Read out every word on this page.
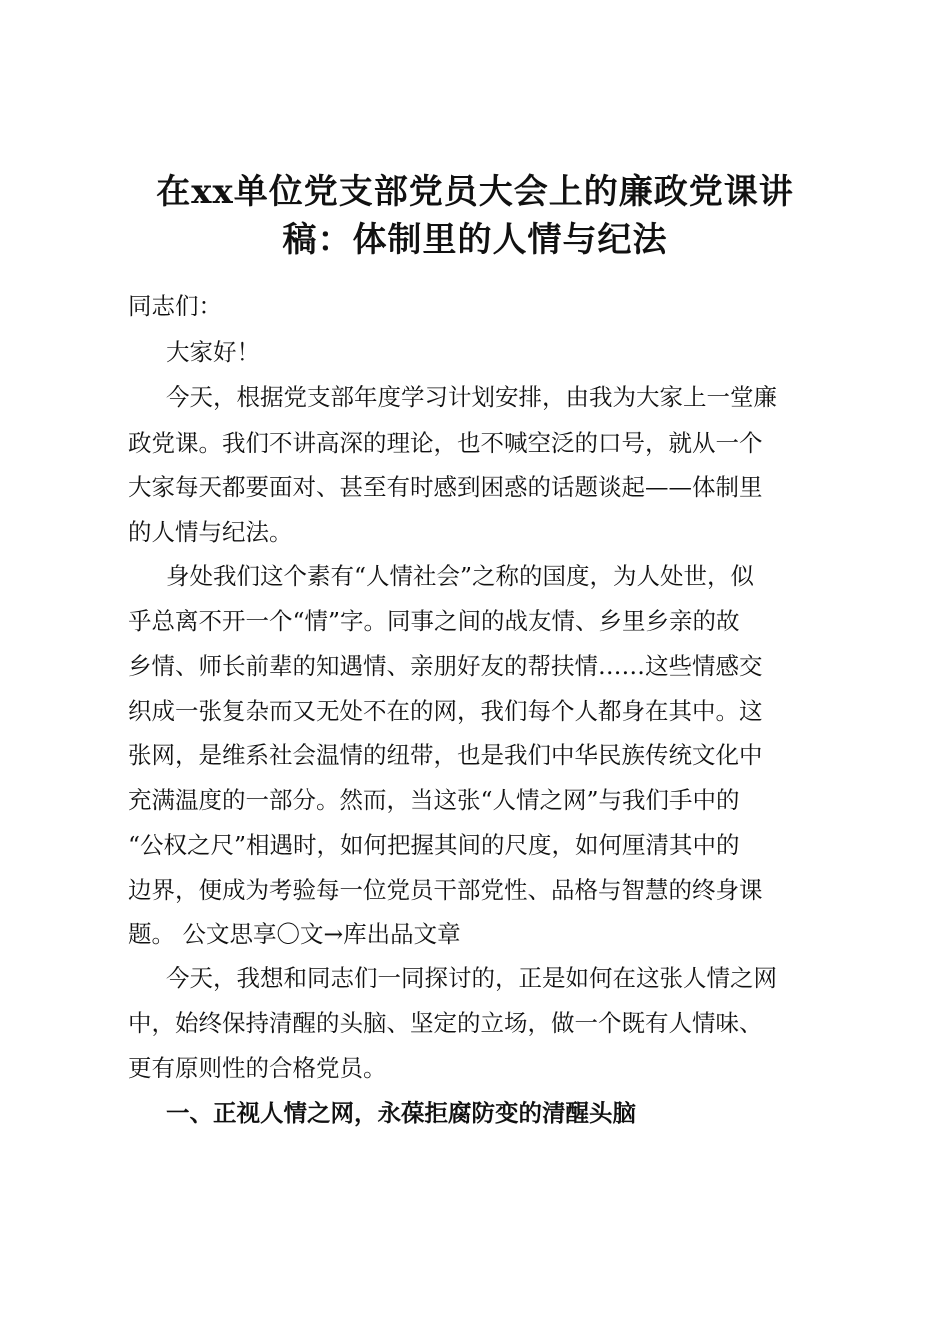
在xx单位党支部党员大会上的廉政党课讲
稿：体制里的人情与纪法

同志们：

大家好！

今天，根据党支部年度学习计划安排，由我为大家上一堂廉

政党课。我们不讲高深的理论，也不喊空泛的口号，就从一个

大家每天都要面对、甚至有时感到困惑的话题谈起——体制里

的人情与纪法。

身处我们这个素有“人情社会”之称的国度，为人处世，似

乎总离不开一个“情”字。同事之间的战友情、乡里乡亲的故

乡情、师长前辈的知遇情、亲朋好友的帮扶情……这些情感交

织成一张复杂而又无处不在的网，我们每个人都身在其中。这

张网，是维系社会温情的纽带，也是我们中华民族传统文化中

充满温度的一部分。然而，当这张“人情之网”与我们手中的

“公权之尺”相遇时，如何把握其间的尺度，如何厘清其中的

边界，便成为考验每一位党员干部党性、品格与智慧的终身课

题。 公文思享〇文→库出品文章

今天，我想和同志们一同探讨的，正是如何在这张人情之网

中，始终保持清醒的头脑、坚定的立场，做一个既有人情味、

更有原则性的合格党员。

一、正视人情之网，永葆拒腐防变的清醒头脑
